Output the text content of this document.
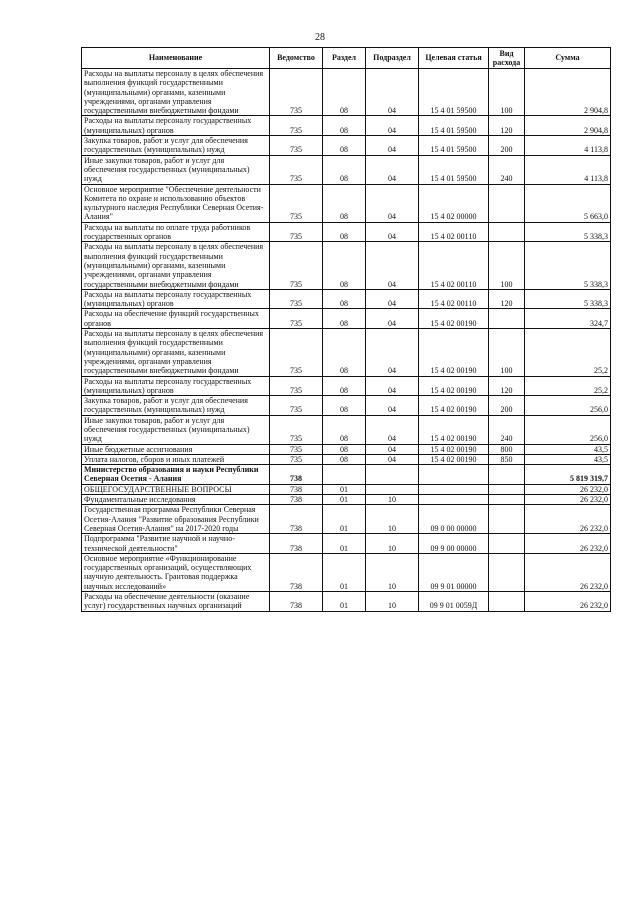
28
Наименование	Ведомство	Раздел	Подраздел	Целевая статья	Вид расхода	Сумма
Расходы на выплаты персоналу в целях обеспечения выполнения функций государственными (муниципальными) органами, казенными учреждениями, органами управления государственными внебюджетными фондами	735	08	04	15 4 01 59500	100	2 904,8
Расходы на выплаты персоналу государственных (муниципальных) органов	735	08	04	15 4 01 59500	120	2 904,8
Закупка товаров, работ и услуг для обеспечения государственных (муниципальных) нужд	735	08	04	15 4 01 59500	200	4 113,8
Иные закупки товаров, работ и услуг для обеспечения государственных (муниципальных) нужд	735	08	04	15 4 01 59500	240	4 113,8
Основное мероприятие "Обеспечение деятельности Комитета по охране и использованию объектов культурного наследия Республики Северная Осетия-Алания"	735	08	04	15 4 02 00000		5 663,0
Расходы на выплаты по оплате труда работников государственных органов	735	08	04	15 4 02 00110		5 338,3
Расходы на выплаты персоналу в целях обеспечения выполнения функций государственными (муниципальными) органами, казенными учреждениями, органами управления государственными внебюджетными фондами	735	08	04	15 4 02 00110	100	5 338,3
Расходы на выплаты персоналу государственных (муниципальных) органов	735	08	04	15 4 02 00110	120	5 338,3
Расходы на обеспечение функций государственных органов	735	08	04	15 4 02 00190		324,7
Расходы на выплаты персоналу в целях обеспечения выполнения функций государственными (муниципальными) органами, казенными учреждениями, органами управления государственными внебюджетными фондами	735	08	04	15 4 02 00190	100	25,2
Расходы на выплаты персоналу государственных (муниципальных) органов	735	08	04	15 4 02 00190	120	25,2
Закупка товаров, работ и услуг для обеспечения государственных (муниципальных) нужд	735	08	04	15 4 02 00190	200	256,0
Иные закупки товаров, работ и услуг для обеспечения государственных (муниципальных) нужд	735	08	04	15 4 02 00190	240	256,0
Иные бюджетные ассигнования	735	08	04	15 4 02 00190	800	43,5
Уплата налогов, сборов и иных платежей	735	08	04	15 4 02 00190	850	43,5
Министерство образования и науки Республики Северная Осетия - Алания	738					5 819 319,7
ОБЩЕГОСУДАРСТВЕННЫЕ ВОПРОСЫ	738	01				26 232,0
Фундаментальные исследования	738	01	10			26 232,0
Государственная программа Республики Северная Осетия-Алания "Развитие образования Республики Северная Осетия-Алания" на 2017-2020 годы	738	01	10	09 0 00 00000		26 232,0
Подпрограмма "Развитие научной и научно-технической деятельности"	738	01	10	09 9 00 00000		26 232,0
Основное мероприятие «Функционирование государственных организаций, осуществляющих научную деятельность. Грантовая поддержка научных исследований»	738	01	10	09 9 01 00000		26 232,0
Расходы на обеспечение деятельности (оказание услуг) государственных научных организаций	738	01	10	09 9 01 0059Д		26 232,0
